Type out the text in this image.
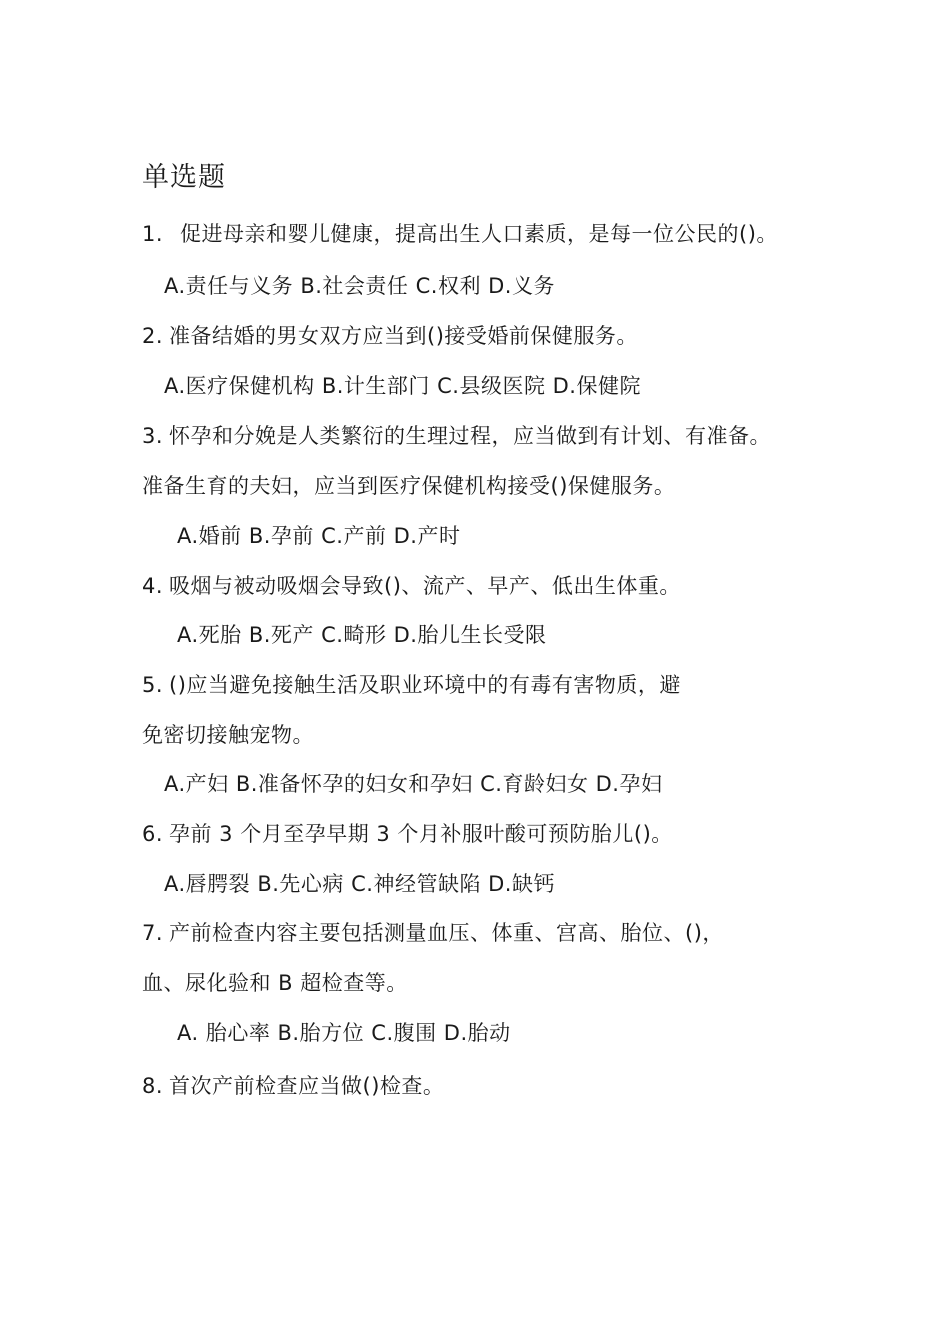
单选题
1. 促进母亲和婴儿健康，提高出生人口素质，是每一位公民的()。
A.责任与义务 B.社会责任 C.权利 D.义务
2. 准备结婚的男女双方应当到()接受婚前保健服务。
A.医疗保健机构 B.计生部门 C.县级医院 D.保健院
3. 怀孕和分娩是人类繁衍的生理过程，应当做到有计划、有准备。
准备生育的夫妇，应当到医疗保健机构接受()保健服务。
A.婚前 B.孕前 C.产前 D.产时
4. 吸烟与被动吸烟会导致()、流产、早产、低出生体重。
A.死胎 B.死产 C.畸形 D.胎儿生长受限
5. ()应当避免接触生活及职业环境中的有毒有害物质，避
免密切接触宠物。
A.产妇 B.准备怀孕的妇女和孕妇 C.育龄妇女 D.孕妇
6. 孕前 3 个月至孕早期 3 个月补服叶酸可预防胎儿()。
A.唇腭裂 B.先心病 C.神经管缺陷 D.缺钙
7. 产前检查内容主要包括测量血压、体重、宫高、胎位、()，
血、尿化验和 B 超检查等。
A. 胎心率 B.胎方位 C.腹围 D.胎动
8. 首次产前检查应当做()检查。
